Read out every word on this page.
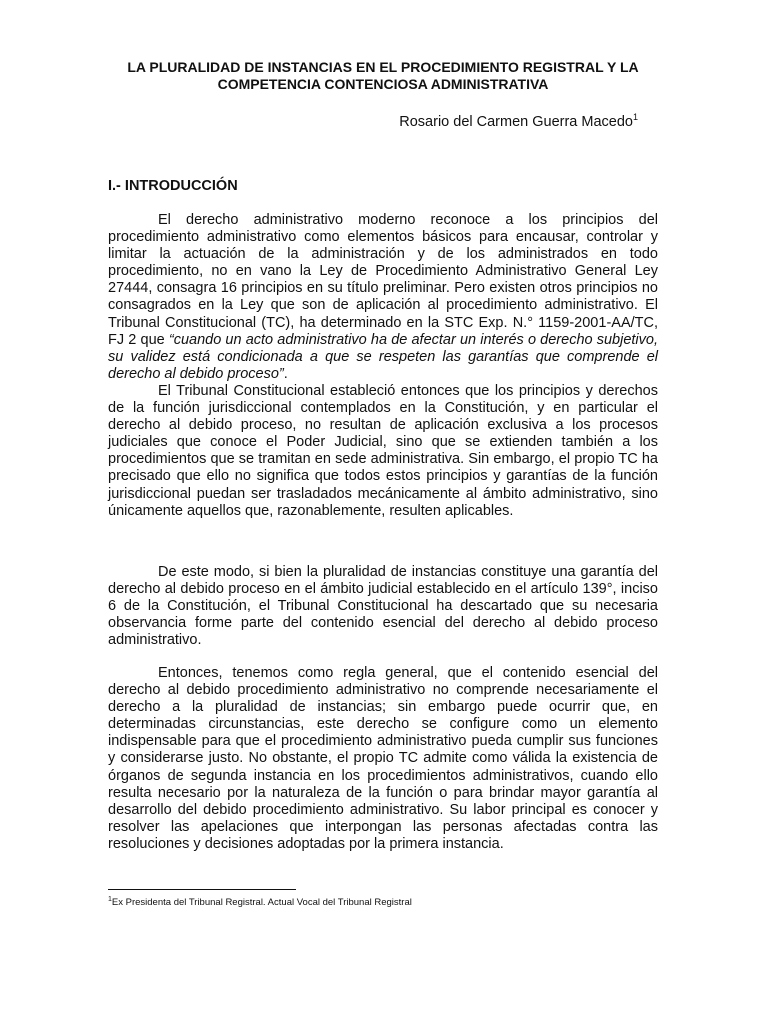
LA PLURALIDAD DE INSTANCIAS EN EL PROCEDIMIENTO REGISTRAL Y LA COMPETENCIA CONTENCIOSA ADMINISTRATIVA
Rosario del Carmen Guerra Macedo$^1$
I.- INTRODUCCIÓN

El derecho administrativo moderno reconoce a los principios del procedimiento administrativo como elementos básicos para encausar, controlar y limitar la actuación de la administración y de los administrados en todo procedimiento, no en vano la Ley de Procedimiento Administrativo General Ley 27444, consagra 16 principios en su título preliminar. Pero existen otros principios no consagrados en la Ley que son de aplicación al procedimiento administrativo. El Tribunal Constitucional (TC), ha determinado en la STC Exp. N.° 1159-2001-AA/TC, FJ 2 que “cuando un acto administrativo ha de afectar un interés o derecho subjetivo, su validez está condicionada a que se respeten las garantías que comprende el derecho al debido proceso”.

El Tribunal Constitucional estableció entonces que los principios y derechos de la función jurisdiccional contemplados en la Constitución, y en particular el derecho al debido proceso, no resultan de aplicación exclusiva a los procesos judiciales que conoce el Poder Judicial, sino que se extienden también a los procedimientos que se tramitan en sede administrativa. Sin embargo, el propio TC ha precisado que ello no significa que todos estos principios y garantías de la función jurisdiccional puedan ser trasladados mecánicamente al ámbito administrativo, sino únicamente aquellos que, razonablemente, resulten aplicables.

De este modo, si bien la pluralidad de instancias constituye una garantía del derecho al debido proceso en el ámbito judicial establecido en el artículo 139°, inciso 6 de la Constitución, el Tribunal Constitucional ha descartado que su necesaria observancia forme parte del contenido esencial del derecho al debido proceso administrativo.

Entonces, tenemos como regla general, que el contenido esencial del derecho al debido procedimiento administrativo no comprende necesariamente el derecho a la pluralidad de instancias; sin embargo puede ocurrir que, en determinadas circunstancias, este derecho se configure como un elemento indispensable para que el procedimiento administrativo pueda cumplir sus funciones y considerarse justo. No obstante, el propio TC admite como válida la existencia de órganos de segunda instancia en los procedimientos administrativos, cuando ello resulta necesario por la naturaleza de la función o para brindar mayor garantía al desarrollo del debido procedimiento administrativo. Su labor principal es conocer y resolver las apelaciones que interpongan las personas afectadas contra las resoluciones y decisiones adoptadas por la primera instancia.

$^1$Ex Presidenta del Tribunal Registral. Actual Vocal del Tribunal Registral
